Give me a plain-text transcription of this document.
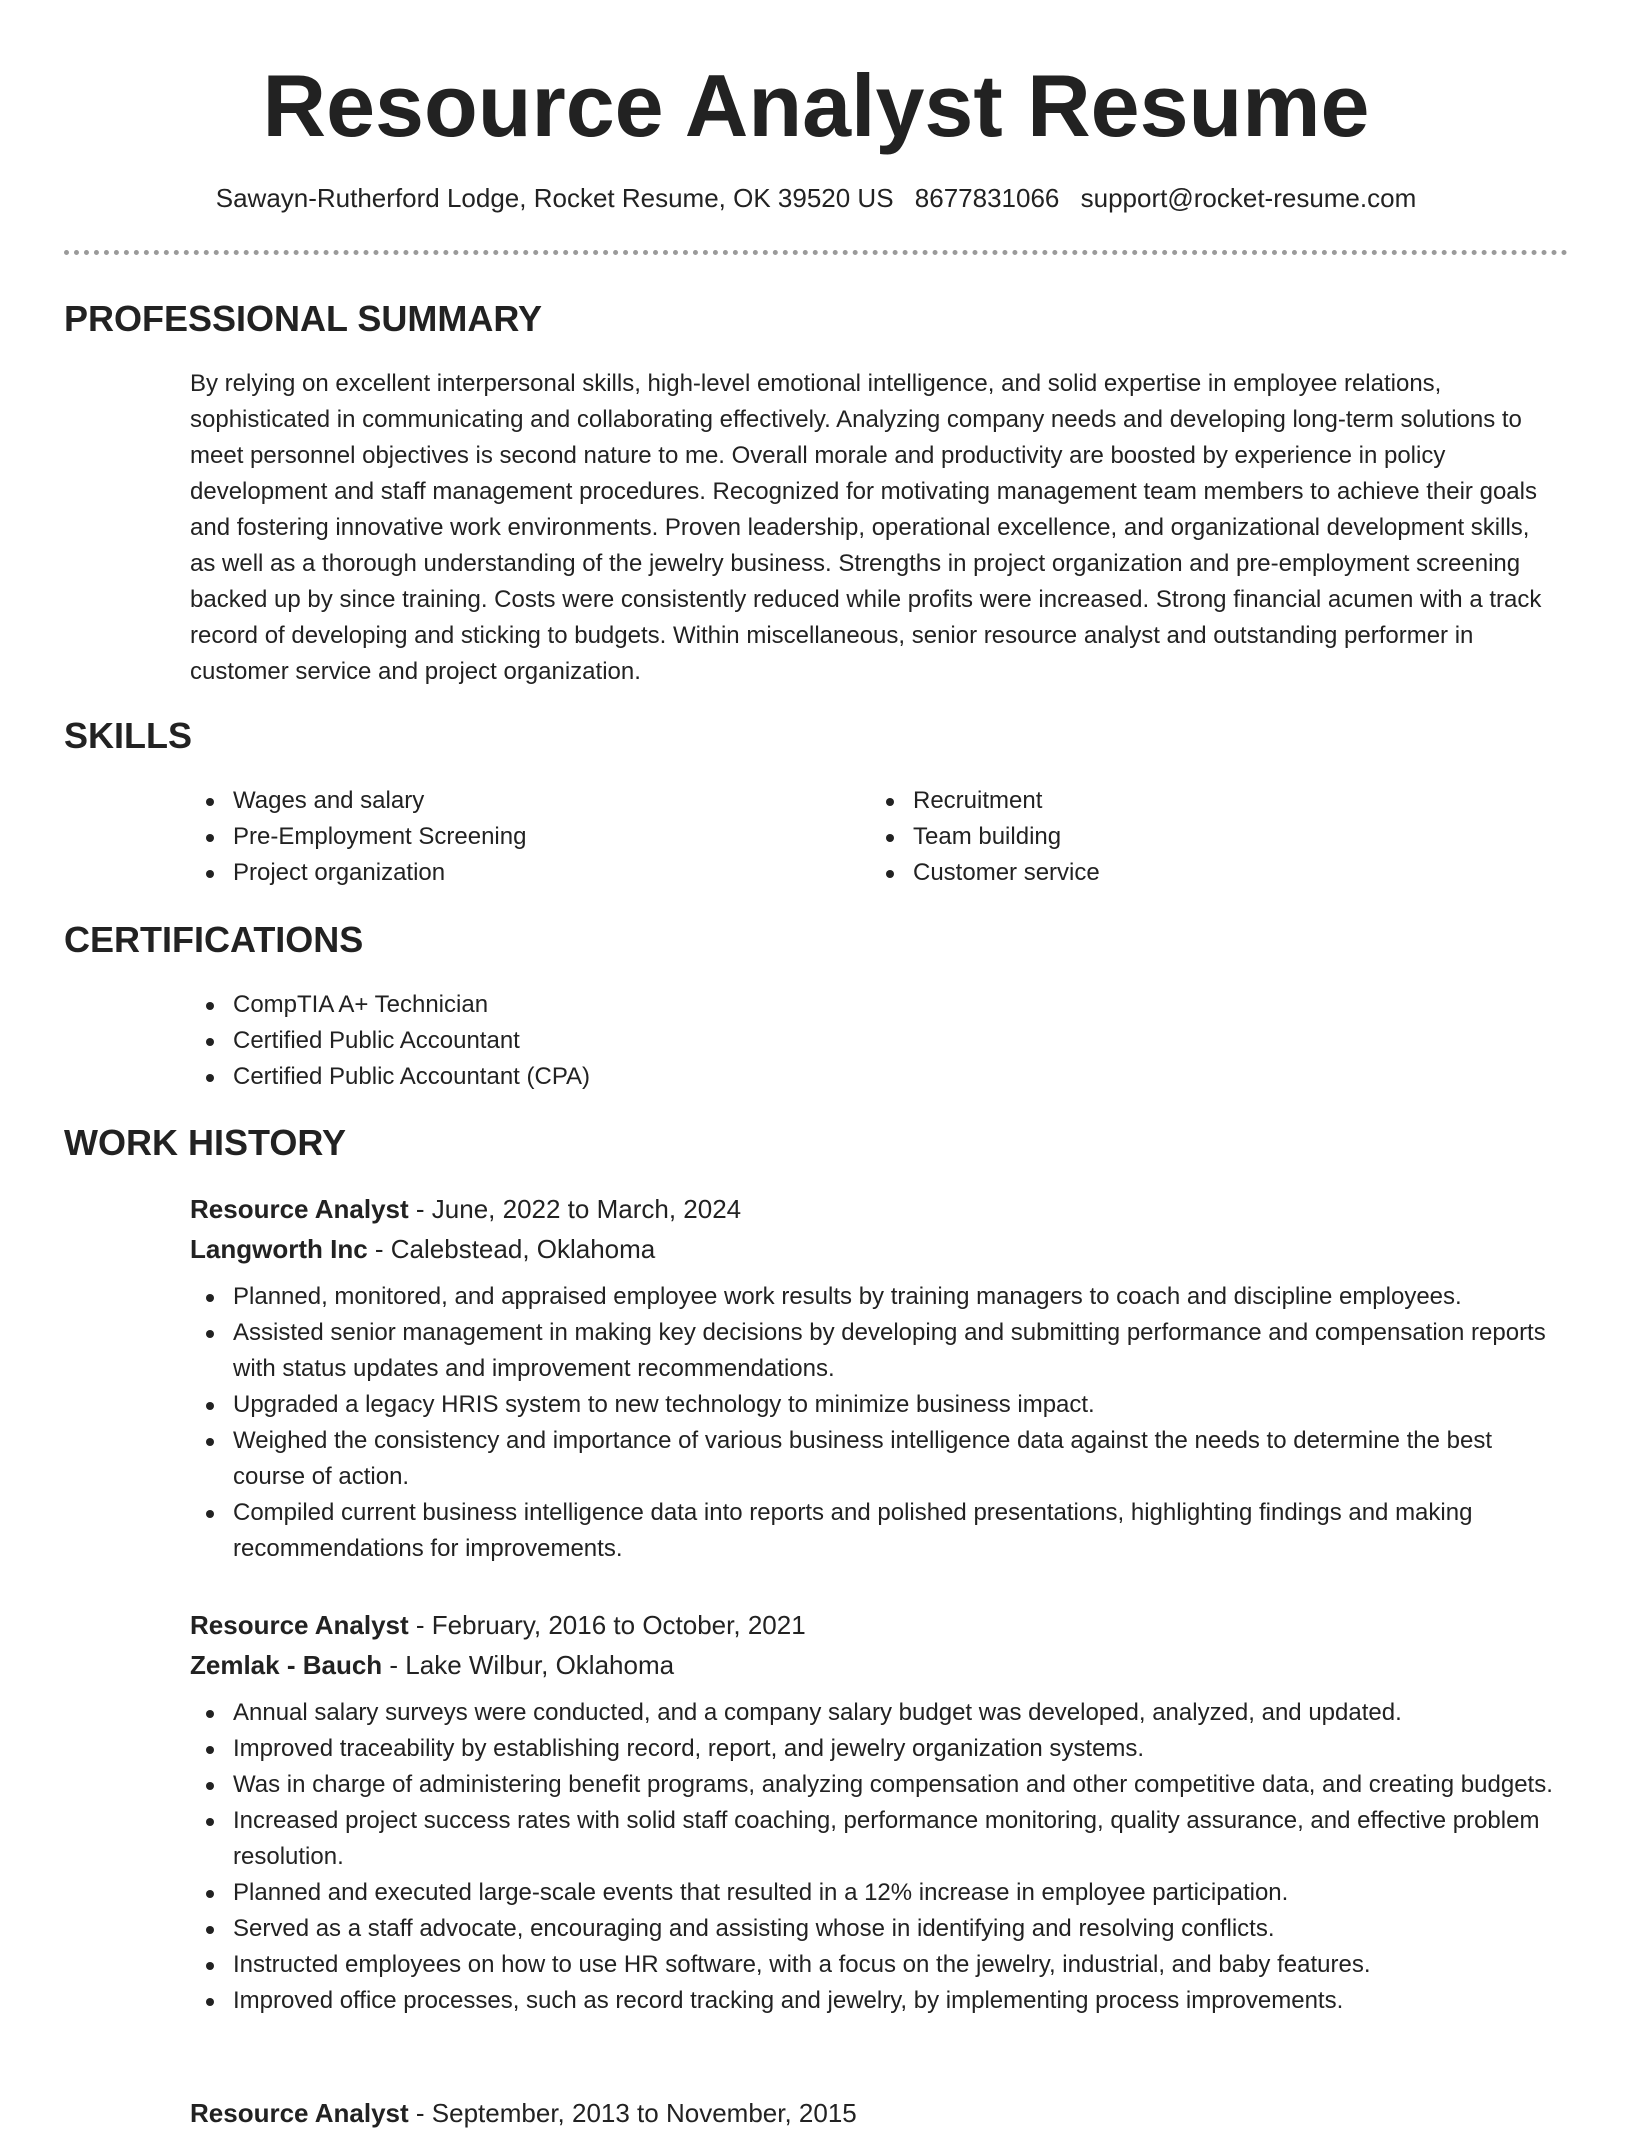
Resource Analyst Resume
Sawayn-Rutherford Lodge, Rocket Resume, OK 39520 US 8677831066 support@rocket-resume.com
PROFESSIONAL SUMMARY

By relying on excellent interpersonal skills, high-level emotional intelligence, and solid expertise in employee relations, sophisticated in communicating and collaborating effectively. Analyzing company needs and developing long-term solutions to meet personnel objectives is second nature to me. Overall morale and productivity are boosted by experience in policy development and staff management procedures. Recognized for motivating management team members to achieve their goals and fostering innovative work environments. Proven leadership, operational excellence, and organizational development skills, as well as a thorough understanding of the jewelry business. Strengths in project organization and pre-employment screening backed up by since training. Costs were consistently reduced while profits were increased. Strong financial acumen with a track record of developing and sticking to budgets. Within miscellaneous, senior resource analyst and outstanding performer in customer service and project organization.

SKILLS
Wages and salary
Pre-Employment Screening
Project organization
Recruitment
Team building
Customer service
CERTIFICATIONS
CompTIA A+ Technician
Certified Public Accountant
Certified Public Accountant (CPA)
WORK HISTORY
Resource Analyst - June, 2022 to March, 2024
Langworth Inc - Calebstead, Oklahoma
Planned, monitored, and appraised employee work results by training managers to coach and discipline employees.
Assisted senior management in making key decisions by developing and submitting performance and compensation reports with status updates and improvement recommendations.
Upgraded a legacy HRIS system to new technology to minimize business impact.
Weighed the consistency and importance of various business intelligence data against the needs to determine the best course of action.
Compiled current business intelligence data into reports and polished presentations, highlighting findings and making recommendations for improvements.
Resource Analyst - February, 2016 to October, 2021
Zemlak - Bauch - Lake Wilbur, Oklahoma
Annual salary surveys were conducted, and a company salary budget was developed, analyzed, and updated.
Improved traceability by establishing record, report, and jewelry organization systems.
Was in charge of administering benefit programs, analyzing compensation and other competitive data, and creating budgets.
Increased project success rates with solid staff coaching, performance monitoring, quality assurance, and effective problem resolution.
Planned and executed large-scale events that resulted in a 12% increase in employee participation.
Served as a staff advocate, encouraging and assisting whose in identifying and resolving conflicts.
Instructed employees on how to use HR software, with a focus on the jewelry, industrial, and baby features.
Improved office processes, such as record tracking and jewelry, by implementing process improvements.
Resource Analyst - September, 2013 to November, 2015
